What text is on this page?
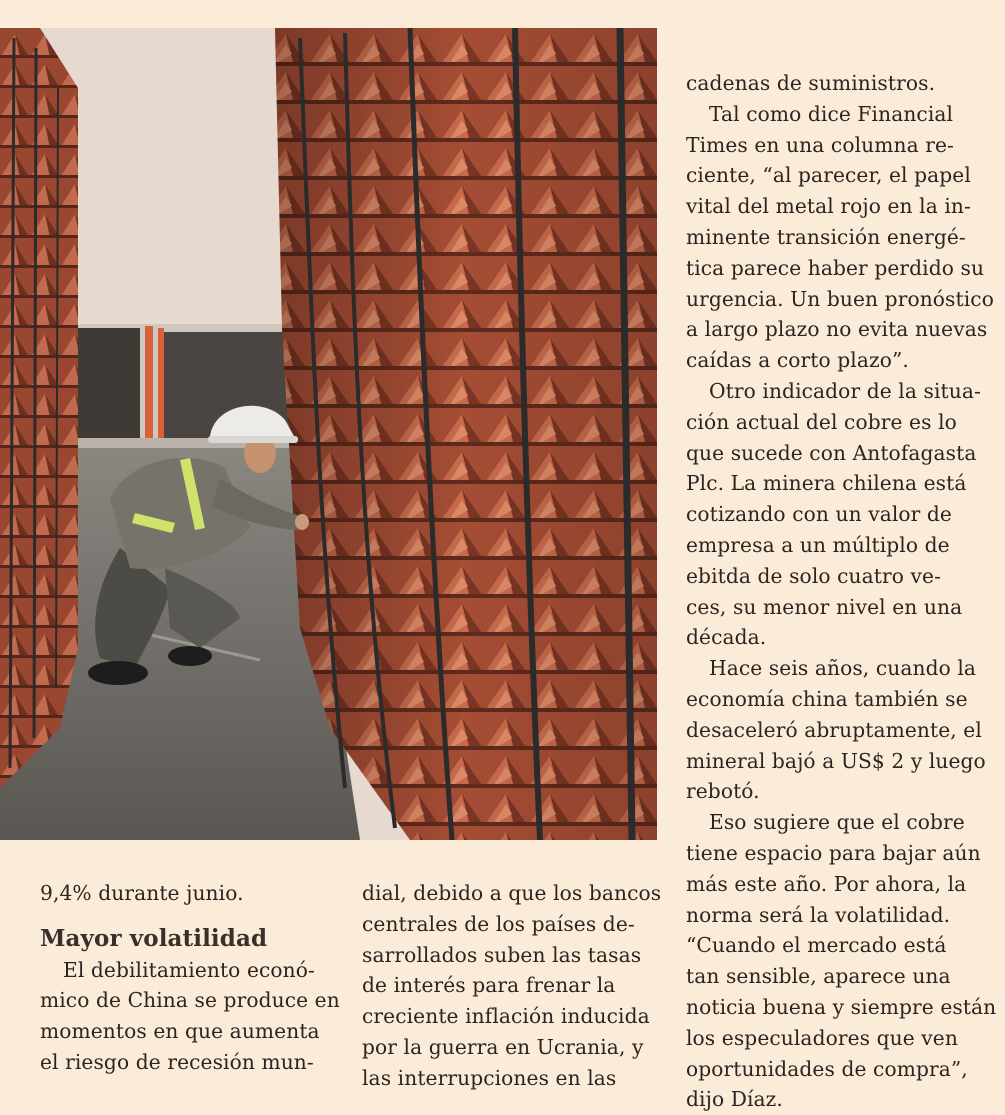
9,4% durante junio.
Mayor volatilidad
El debilitamiento econó-
mico de China se produce en
momentos en que aumenta
el riesgo de recesión mun-
dial, debido a que los bancos
centrales de los países de-
sarrollados suben las tasas
de interés para frenar la
creciente inflación inducida
por la guerra en Ucrania, y
las interrupciones en las
cadenas de suministros.
Tal como dice Financial
Times en una columna re-
ciente, “al parecer, el papel
vital del metal rojo en la in-
minente transición energé-
tica parece haber perdido su
urgencia. Un buen pronóstico
a largo plazo no evita nuevas
caídas a corto plazo”.
Otro indicador de la situa-
ción actual del cobre es lo
que sucede con Antofagasta
Plc. La minera chilena está
cotizando con un valor de
empresa a un múltiplo de
ebitda de solo cuatro ve-
ces, su menor nivel en una
década.
Hace seis años, cuando la
economía china también se
desaceleró abruptamente, el
mineral bajó a US$ 2 y luego
rebotó.
Eso sugiere que el cobre
tiene espacio para bajar aún
más este año. Por ahora, la
norma será la volatilidad.
“Cuando el mercado está
tan sensible, aparece una
noticia buena y siempre están
los especuladores que ven
oportunidades de compra”,
dijo Díaz.
